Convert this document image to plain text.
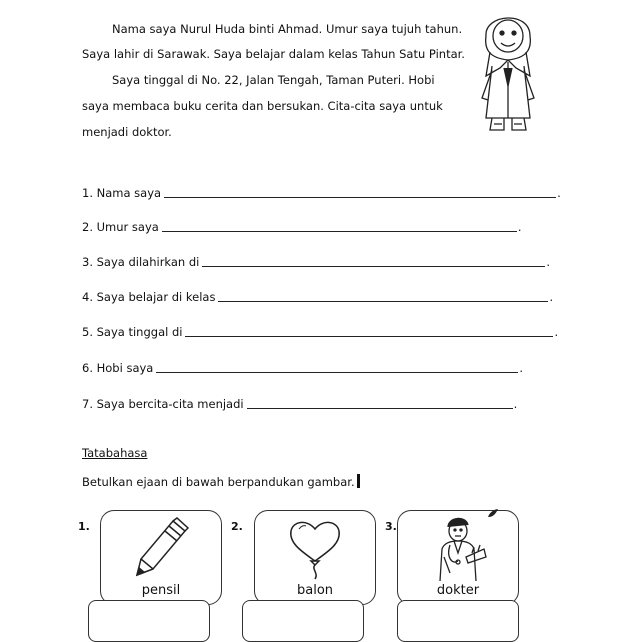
Nama saya Nurul Huda binti Ahmad. Umur saya tujuh tahun.
Saya lahir di Sarawak. Saya belajar dalam kelas Tahun Satu Pintar.
Saya tinggal di No. 22, Jalan Tengah, Taman Puteri. Hobi
saya membaca buku cerita dan bersukan. Cita-cita saya untuk
menjadi doktor.
1. Nama saya	.
2. Umur saya	.
3. Saya dilahirkan di	.
4. Saya belajar di kelas	.
5. Saya tinggal di	.
6. Hobi saya	.
7. Saya bercita-cita menjadi	.
Tatabahasa
Betulkan ejaan di bawah berpandukan gambar.
1.	2.	3.
pensil	balon	dokter
